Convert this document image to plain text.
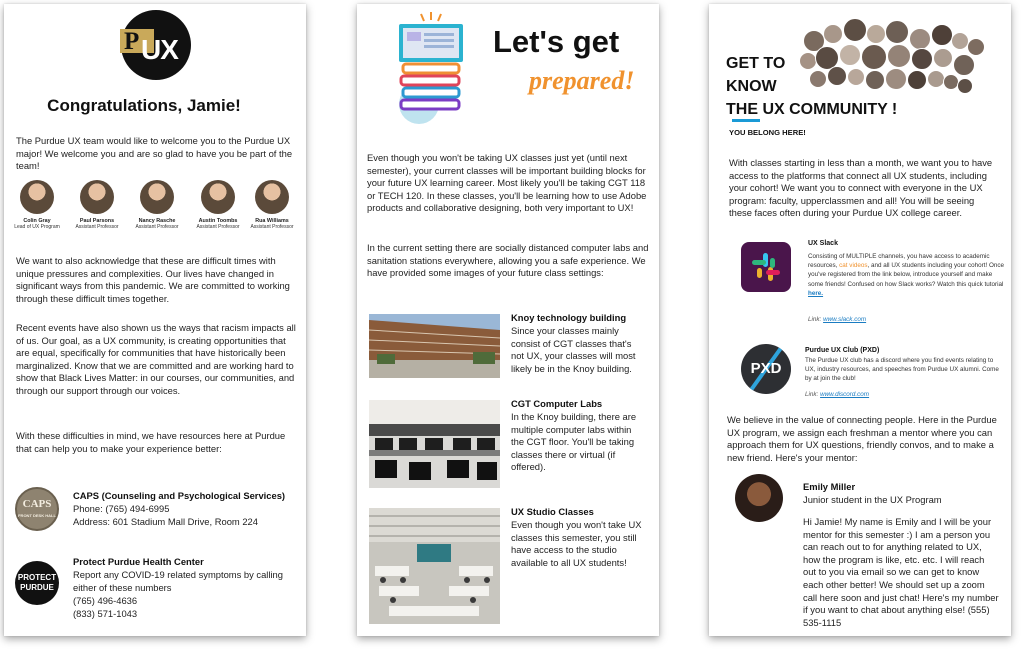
P UX
Congratulations, Jamie!
The Purdue UX team would like to welcome you to the Purdue UX major! We welcome you and are so glad to have you be part of the team!
Colin Gray
Lead of UX Program
Paul Parsons
Assistant Professor
Nancy Rasche
Assistant Professor
Austin Toombs
Assistant Professor
Rua Williams
Assistant Professor
We want to also acknowledge that these are difficult times with unique pressures and complexities. Our lives have changed in significant ways from this pandemic. We are committed to working through these difficult times together.
Recent events have also shown us the ways that racism impacts all of us. Our goal, as a UX community, is creating opportunities that are equal, specifically for communities that have historically been marginalized. Know that we are committed and are working hard to show that Black Lives Matter: in our courses, our communities, and through our support through our voices.
With these difficulties in mind, we have resources here at Purdue that can help you to make your experience better:
CAPS
FRONT DESK HALL
CAPS (Counseling and Psychological Services)
Phone: (765) 494-6995
Address: 601 Stadium Mall Drive, Room 224
PROTECT
PURDUE
Protect Purdue Health Center
Report any COVID-19 related symptoms by calling either of these numbers
(765) 496-4636
(833) 571-1043
Let's get
prepared!
Even though you won't be taking UX classes just yet (until next semester), your current classes will be important building blocks for your future UX learning career. Most likely you'll be taking CGT 118 or TECH 120. In these classes, you'll be learning how to use Adobe products and collaborative designing, both very important to UX!
In the current setting there are socially distanced computer labs and sanitation stations everywhere, allowing you a safe experience. We have provided some images of your future class settings:
Knoy technology building
Since your classes mainly consist of CGT classes that's not UX, your classes will most likely be in the Knoy building.
CGT Computer Labs
In the Knoy building, there are multiple computer labs within the CGT floor. You'll be taking classes there or virtual (if offered).
UX Studio Classes
Even though you won't take UX classes this semester, you still have access to the studio available to all UX students!
GET TO
KNOW
THE UX COMMUNITY !
YOU BELONG HERE!
With classes starting in less than a month, we want you to have access to the platforms that connect all UX students, including your cohort! We want you to connect with everyone in the UX program: faculty, upperclassmen and all! You will be seeing these faces often during your Purdue UX college career.
UX Slack
Consisting of MULTIPLE channels, you have access to academic resources, cat videos, and all UX students including your cohort! Once you've registered from the link below, introduce yourself and make some friends! Confused on how Slack works? Watch this quick tutorial here.
Link: www.slack.com
PXD
Purdue UX Club (PXD)
The Purdue UX club has a discord where you find events relating to UX, industry resources, and speeches from Purdue UX alumni. Come by at join the club!
Link: www.discord.com
We believe in the value of connecting people. Here in the Purdue UX program, we assign each freshman a mentor where you can approach them for UX questions, friendly convos, and to make a new friend. Here's your mentor:
Emily Miller
Junior student in the UX Program
Hi Jamie! My name is Emily and I will be your mentor for this semester :) I am a person you can reach out to for anything related to UX, how the program is like, etc. etc. I will reach out to you via email so we can get to know each other better! We should set up a zoom call here soon and just chat! Here's my number if you want to chat about anything else! (555) 535-1115
